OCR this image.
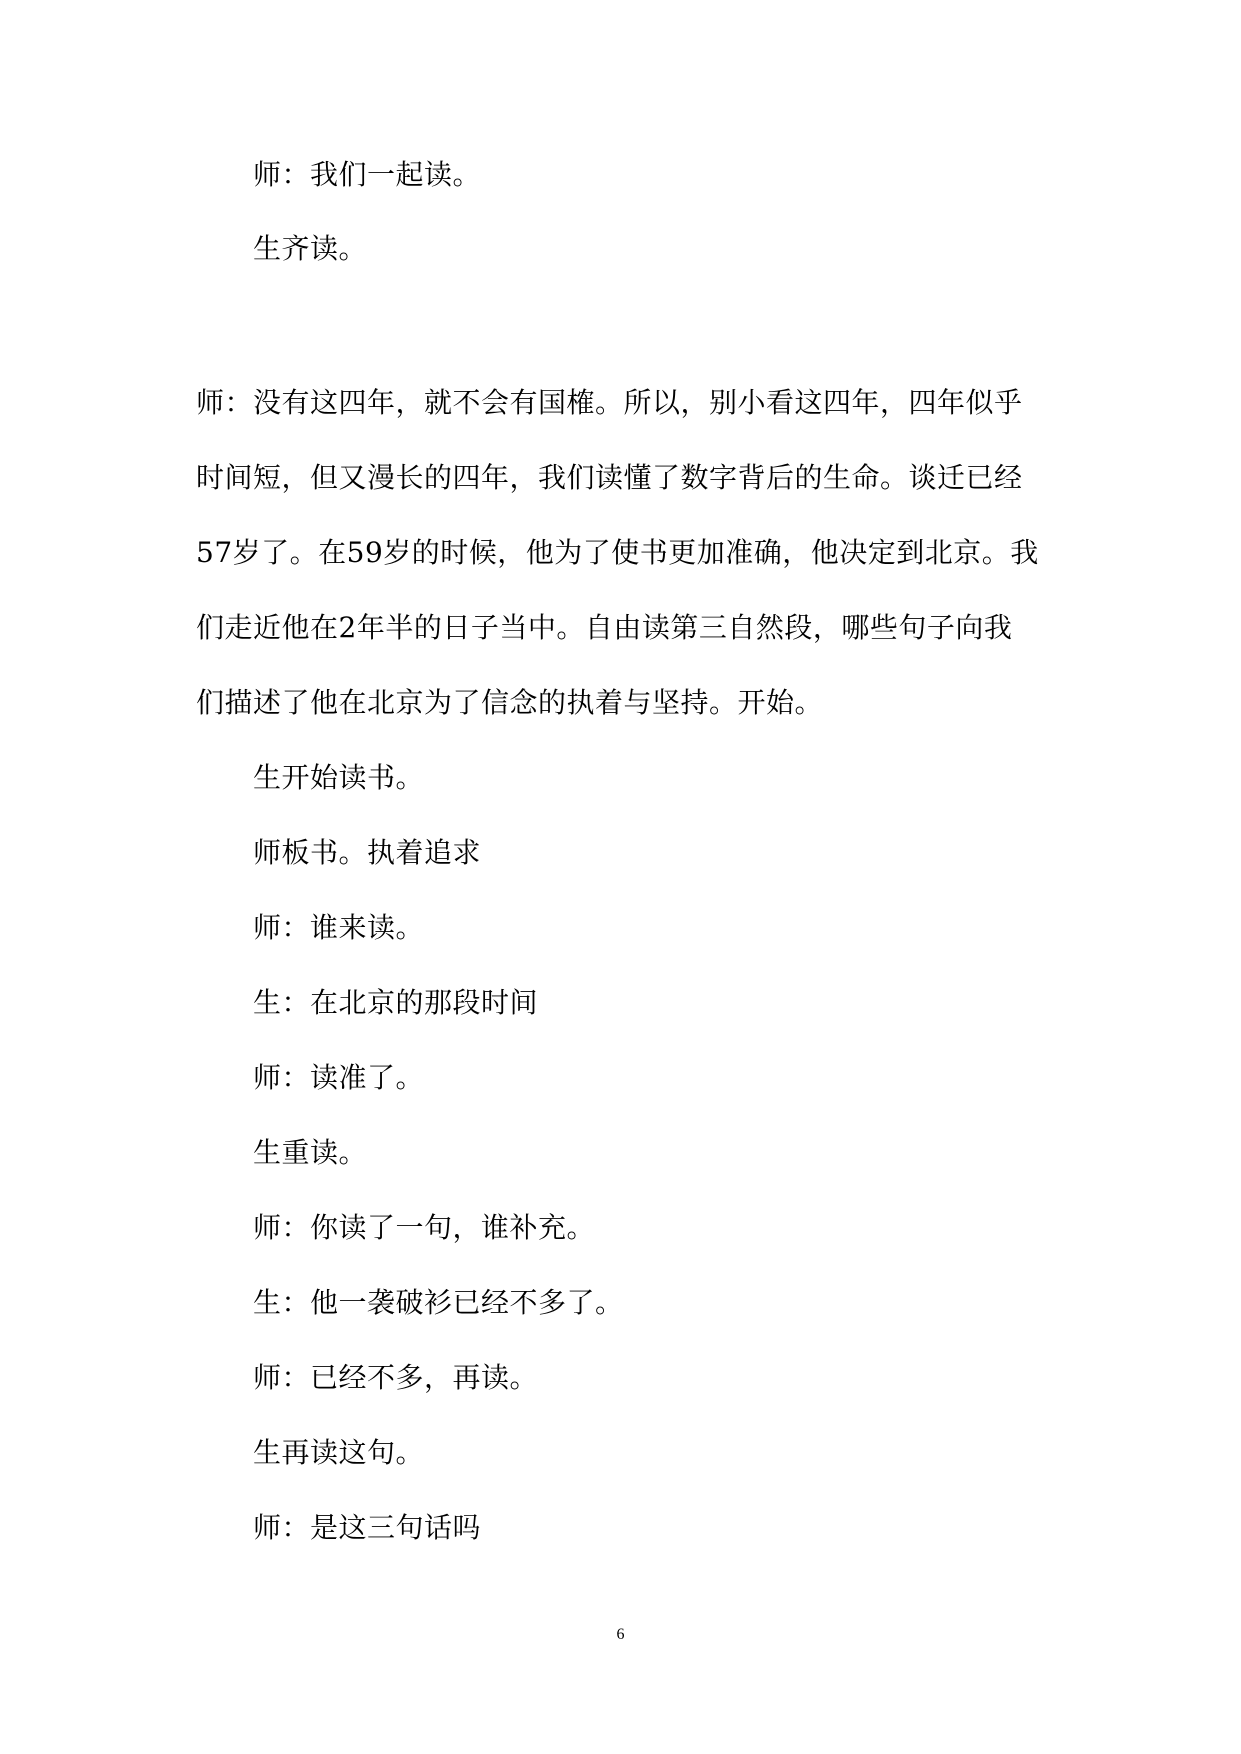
师：我们一起读。
生齐读。
师：没有这四年，就不会有国榷。所以，别小看这四年，四年似乎
时间短，但又漫长的四年，我们读懂了数字背后的生命。谈迁已经
57岁了。在59岁的时候，他为了使书更加准确，他决定到北京。我
们走近他在2年半的日子当中。自由读第三自然段，哪些句子向我
们描述了他在北京为了信念的执着与坚持。开始。
生开始读书。
师板书。执着追求
师：谁来读。
生：在北京的那段时间
师：读准了。
生重读。
师：你读了一句，谁补充。
生：他一袭破衫已经不多了。
师：已经不多，再读。
生再读这句。
师：是这三句话吗
6
